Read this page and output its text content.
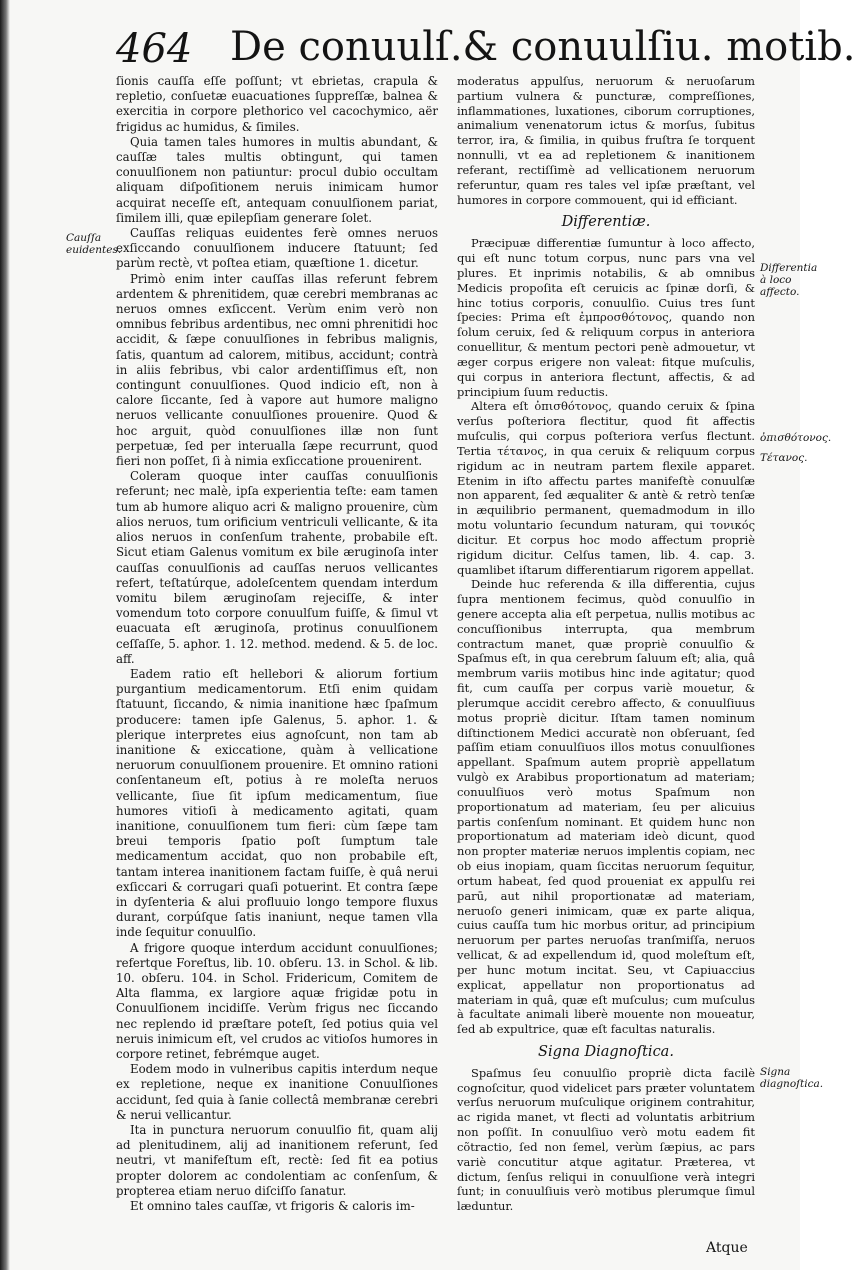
464 De conuulſ.& conuulſiu. motib.
Cauſſa euidentes.

ſionis cauſſa eſſe poſſunt; vt ebrietas, crapula & repletio, conſuetæ euacuationes ſuppreſſæ, balnea & exercitia in corpore plethorico vel cacochymico, aër frigidus ac humidus, & ſimiles.

Quia tamen tales humores in multis abundant, & cauſſæ tales multis obtingunt, qui tamen conuulſionem non patiuntur: procul dubio occultam aliquam diſpoſitionem neruis inimicam humor acquirat neceſſe eſt, antequam conuulſionem pariat, ſimilem illi, quæ epilepſiam generare ſolet.

Cauſſas reliquas euidentes ferè omnes neruos exſiccando conuulſionem inducere ſtatuunt; ſed parùm rectè, vt poſtea etiam, quæſtione 1. dicetur.

Primò enim inter cauſſas illas referunt febrem ardentem & phrenitidem, quæ cerebri membranas ac neruos omnes exſiccent. Verùm enim verò non omnibus febribus ardentibus, nec omni phrenitidi hoc accidit, & ſæpe conuulſiones in febribus malignis, ſatis, quantum ad calorem, mitibus, accidunt; contrà in aliis febribus, vbi calor ardentiſſimus eſt, non contingunt conuulſiones. Quod indicio eſt, non à calore ſiccante, ſed à vapore aut humore maligno neruos vellicante conuulſiones prouenire. Quod & hoc arguit, quòd conuulſiones illæ non ſunt perpetuæ, ſed per interualla ſæpe recurrunt, quod fieri non poſſet, ſi à nimia exſiccatione prouenirent.

Coleram quoque inter cauſſas conuulſionis referunt; nec malè, ipſa experientia teſte: eam tamen tum ab humore aliquo acri & maligno prouenire, cùm alios neruos, tum orificium ventriculi vellicante, & ita alios neruos in conſenſum trahente, probabile eſt. Sicut etiam Galenus vomitum ex bile æruginoſa inter cauſſas conuulſionis ad cauſſas neruos vellicantes refert, teſtatúrque, adoleſcentem quendam interdum vomitu bilem æruginoſam rejeciſſe, & inter vomendum toto corpore conuulſum fuiſſe, & ſimul vt euacuata eſt æruginoſa, protinus conuulſionem ceſſaſſe, 5. aphor. 1. 12. method. medend. & 5. de loc. aff.

Eadem ratio eſt hellebori & aliorum fortium purgantium medicamentorum. Etſi enim quidam ſtatuunt, ſiccando, & nimia inanitione hæc ſpaſmum producere: tamen ipſe Galenus, 5. aphor. 1. & plerique interpretes eius agnoſcunt, non tam ab inanitione & exiccatione, quàm à vellicatione neruorum conuulſionem prouenire. Et omnino rationi conſentaneum eſt, potius à re moleſta neruos vellicante, ſiue ſit ipſum medicamentum, ſiue humores vitioſi à medicamento agitati, quam inanitione, conuulſionem tum fieri: cùm ſæpe tam breui temporis ſpatio poſt ſumptum tale medicamentum accidat, quo non probabile eſt, tantam interea inanitionem factam fuiſſe, è quâ nerui exſiccari & corrugari quaſi potuerint. Et contra ſæpe in dyſenteria & alui profluuio longo tempore fluxus durant, corpúſque ſatis inaniunt, neque tamen vlla inde ſequitur conuulſio.

A frigore quoque interdum accidunt conuulſiones; refertque Foreſtus, lib. 10. obſeru. 13. in Schol. & lib. 10. obſeru. 104. in Schol. Fridericum, Comitem de Alta flamma, ex largiore aquæ frigidæ potu in Conuulſionem incidiſſe. Verùm frigus nec ſiccando nec replendo id præſtare poteſt, ſed potius quia vel neruis inimicum eſt, vel crudos ac vitioſos humores in corpore retinet, febrémque auget.

Eodem modo in vulneribus capitis interdum neque ex repletione, neque ex inanitione Conuulſiones accidunt, ſed quia à ſanie collectâ membranæ cerebri & nerui vellicantur.

Ita in punctura neruorum conuulſio fit, quam alij ad plenitudinem, alij ad inanitionem referunt, ſed neutri, vt manifeſtum eſt, rectè: ſed fit ea potius propter dolorem ac condolentiam ac conſenſum, & propterea etiam neruo diſciſſo ſanatur.

Et omnino tales cauſſæ, vt frigoris & caloris im-

moderatus appulſus, neruorum & neruoſarum partium vulnera & puncturæ, compreſſiones, inflammationes, luxationes, ciborum corruptiones, animalium venenatorum ictus & morſus, ſubitus terror, ira, & ſimilia, in quibus fruſtra ſe torquent nonnulli, vt ea ad repletionem & inanitionem referant, rectiſſimè ad vellicationem neruorum referuntur, quam res tales vel ipſæ præſtant, vel humores in corpore commouent, qui id efficiant.

Differentiæ.

Præcipuæ differentiæ ſumuntur à loco affecto, qui eſt nunc totum corpus, nunc pars vna vel plures. Et inprimis notabilis, & ab omnibus Medicis propoſita eſt ceruicis ac ſpinæ dorſi, & hinc totius corporis, conuulſio. Cuius tres ſunt ſpecies: Prima eſt ἐμπροσθότονος, quando non ſolum ceruix, ſed & reliquum corpus in anteriora conuellitur, & mentum pectori penè admouetur, vt æger corpus erigere non valeat: fitque muſculis, qui corpus in anteriora flectunt, affectis, & ad principium ſuum reductis.

Altera eſt ὀπισθότονος, quando ceruix & ſpina verſus poſteriora flectitur, quod fit affectis muſculis, qui corpus poſteriora verſus flectunt. Tertia τέτανος, in qua ceruix & reliquum corpus rigidum ac in neutram partem flexile apparet. Etenim in iſto affectu partes manifeſtè conuulſæ non apparent, ſed æqualiter & antè & retrò tenſæ in æquilibrio permanent, quemadmodum in illo motu voluntario ſecundum naturam, qui τονικός dicitur. Et corpus hoc modo affectum propriè rigidum dicitur. Celſus tamen, lib. 4. cap. 3. quamlibet iſtarum differentiarum rigorem appellat.

Deinde huc referenda & illa differentia, cujus ſupra mentionem fecimus, quòd conuulſio in genere accepta alia eſt perpetua, nullis motibus ac concuſſionibus interrupta, qua membrum contractum manet, quæ propriè conuulſio & Spaſmus eſt, in qua cerebrum ſaluum eſt; alia, quâ membrum variis motibus hinc inde agitatur; quod fit, cum cauſſa per corpus variè mouetur, & plerumque accidit cerebro affecto, & conuulſiuus motus propriè dicitur. Iſtam tamen nominum diſtinctionem Medici accuratè non obſeruant, ſed paſſim etiam conuulſiuos illos motus conuulſiones appellant. Spaſmum autem propriè appellatum vulgò ex Arabibus proportionatum ad materiam; conuulſiuos verò motus Spaſmum non proportionatum ad materiam, ſeu per alicuius partis conſenſum nominant. Et quidem hunc non proportionatum ad materiam ideò dicunt, quod non propter materiæ neruos implentis copiam, nec ob eius inopiam, quam ſiccitas neruorum ſequitur, ortum habeat, ſed quod proueniat ex appulſu rei parū, aut nihil proportionatæ ad materiam, neruoſo generi inimicam, quæ ex parte aliqua, cuius cauſſa tum hic morbus oritur, ad principium neruorum per partes neruoſas tranſmiſſa, neruos vellicat, & ad expellendum id, quod moleſtum eſt, per hunc motum incitat. Seu, vt Capiuaccius explicat, appellatur non proportionatus ad materiam in quâ, quæ eſt muſculus; cum muſculus à facultate animali liberè mouente non moueatur, ſed ab expultrice, quæ eſt facultas naturalis.

Signa Diagnoſtica.

Spaſmus ſeu conuulſio propriè dicta facilè cognoſcitur, quod videlicet pars præter voluntatem verſus neruorum muſculique originem contrahitur, ac rigida manet, vt flecti ad voluntatis arbitrium non poſſit. In conuulſiuo verò motu eadem fit cõtractio, ſed non ſemel, verùm ſæpius, ac pars variè concutitur atque agitatur. Præterea, vt dictum, ſenſus reliqui in conuulſione verà integri ſunt; in conuulſiuis verò motibus plerumque ſimul læduntur.

Differentia à loco affecto.
ὀπισθότονος.
Τέτανος.
Signa diagnoſtica.
Atque
